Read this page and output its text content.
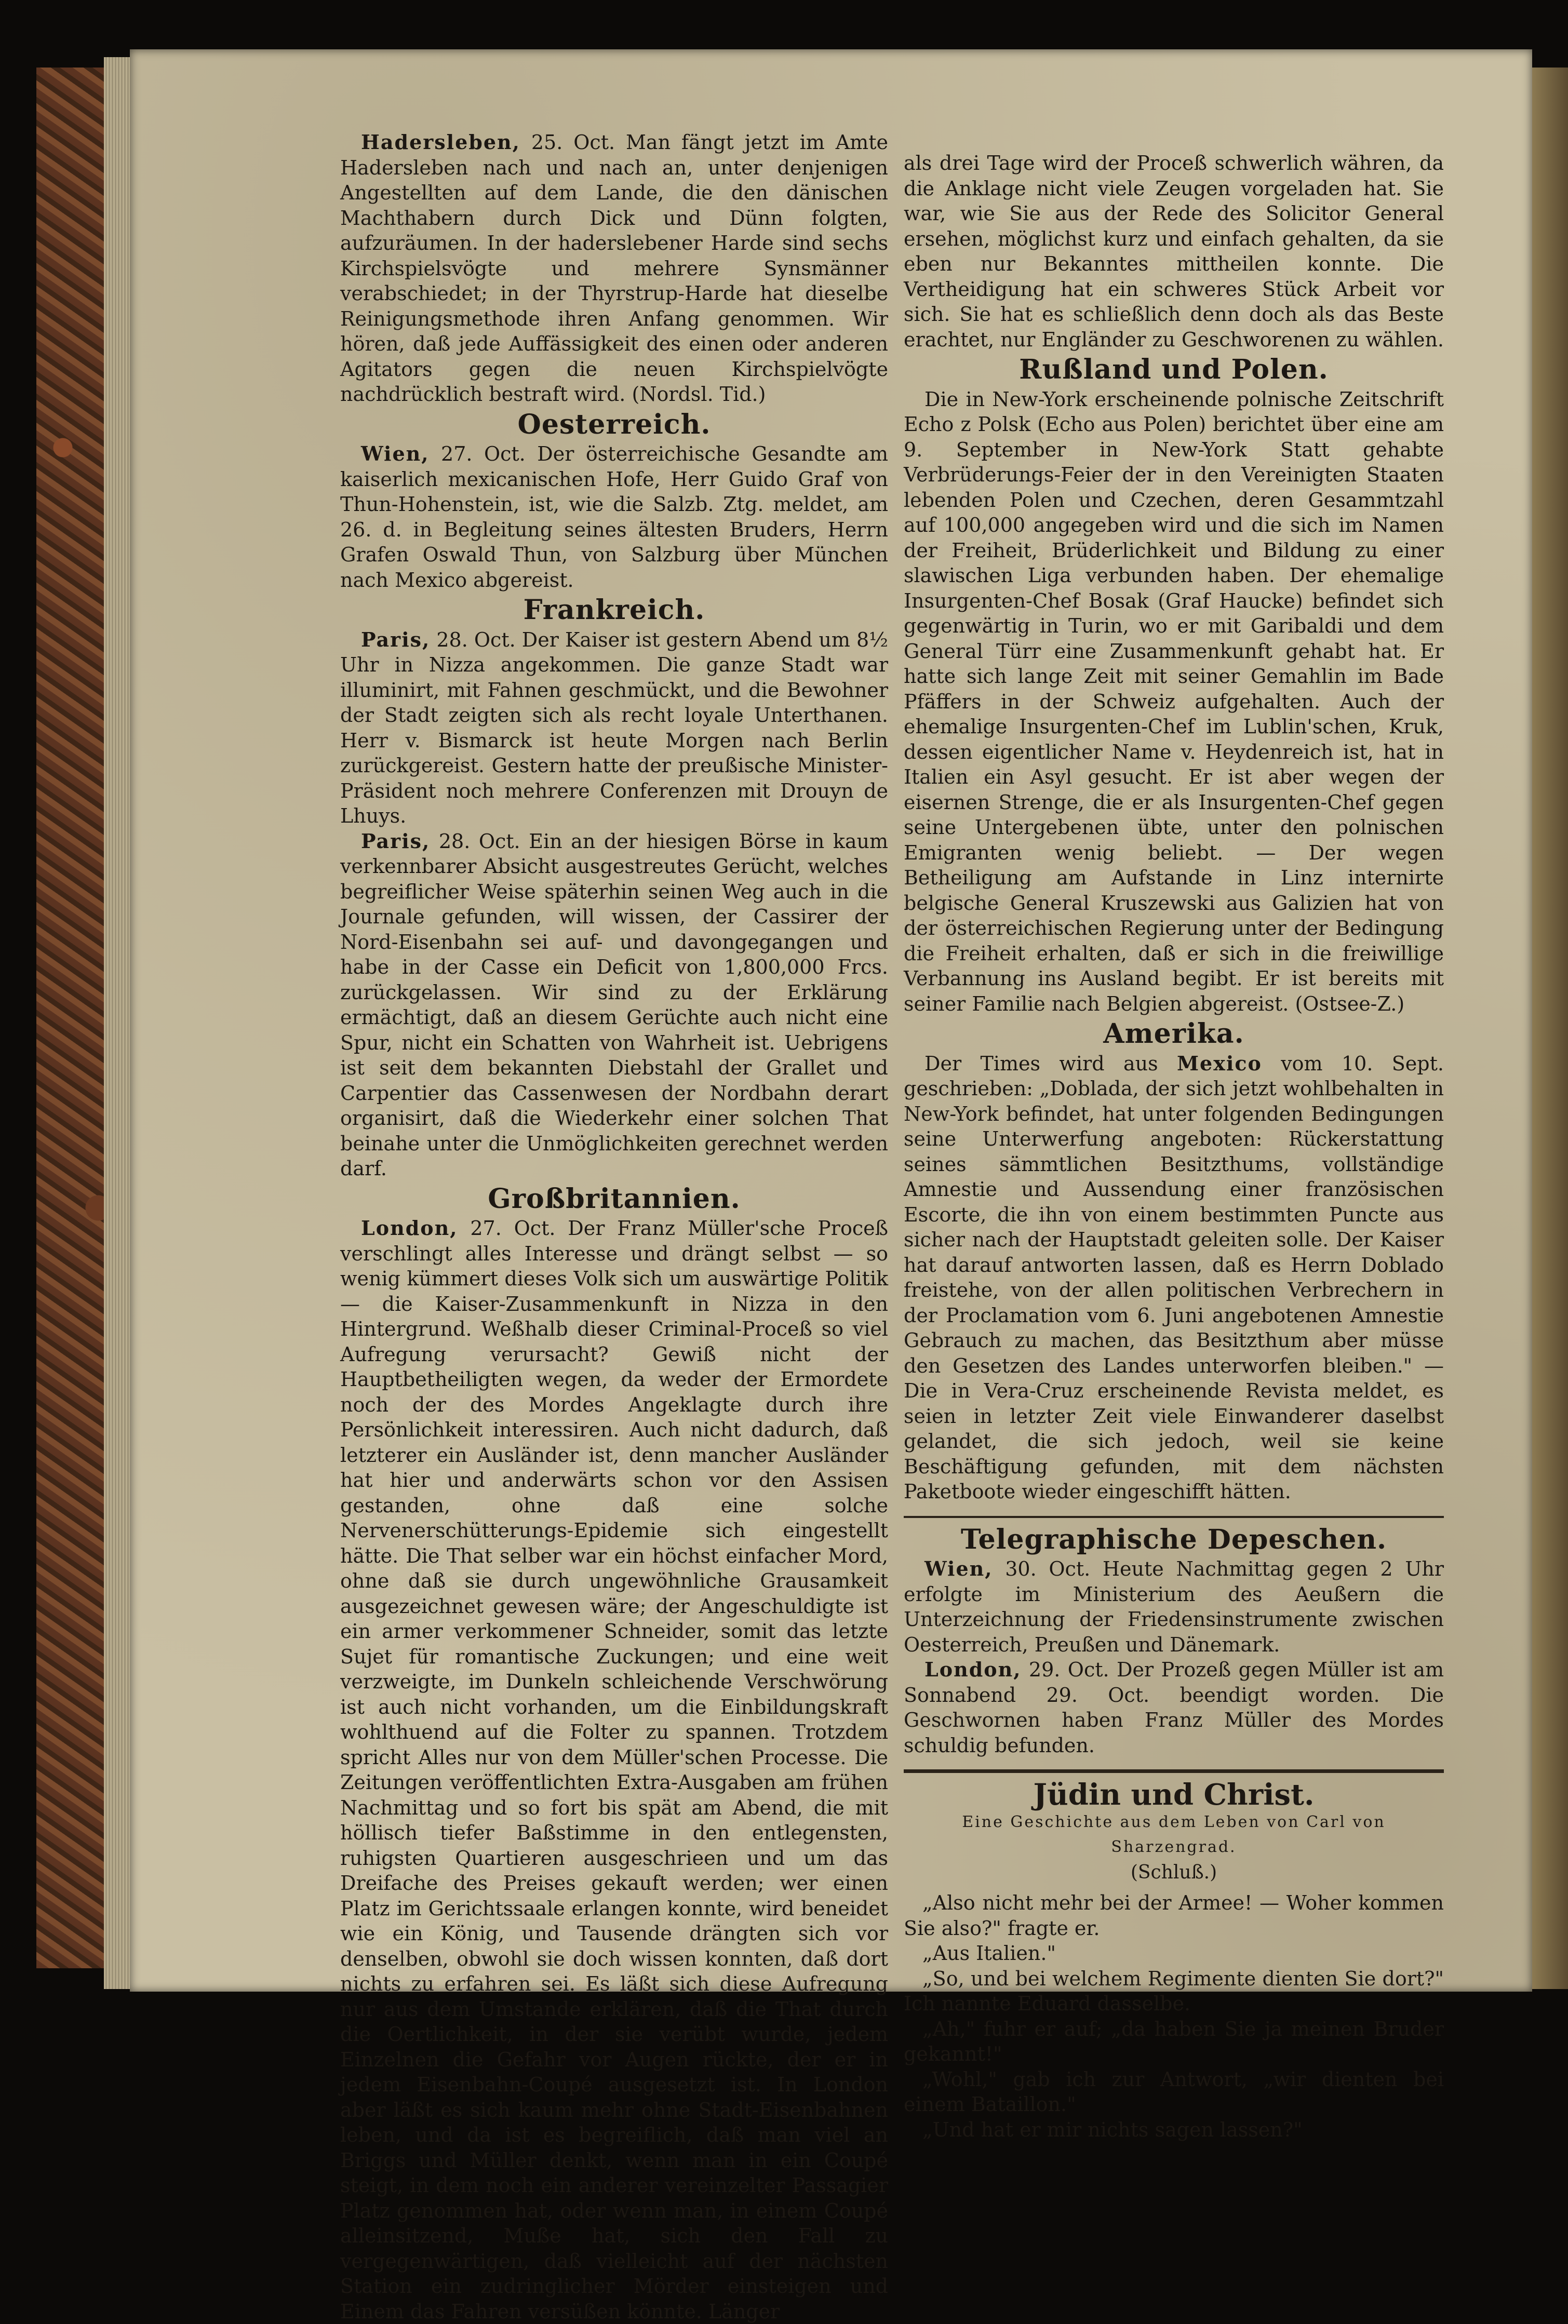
Hadersleben, 25. Oct. Man fängt jetzt im Amte Hadersleben nach und nach an, unter denjenigen Angestellten auf dem Lande, die den dänischen Machthabern durch Dick und Dünn folgten, aufzuräumen. In der haderslebener Harde sind sechs Kirchspielsvögte und mehrere Synsmänner verabschiedet; in der Thyrstrup-Harde hat dieselbe Reinigungsmethode ihren Anfang genommen. Wir hören, daß jede Auffässigkeit des einen oder anderen Agitators gegen die neuen Kirchspielvögte nachdrücklich bestraft wird. (Nordsl. Tid.)

Oesterreich.

Wien, 27. Oct. Der österreichische Gesandte am kaiserlich mexicanischen Hofe, Herr Guido Graf von Thun-Hohenstein, ist, wie die Salzb. Ztg. meldet, am 26. d. in Begleitung seines ältesten Bruders, Herrn Grafen Oswald Thun, von Salzburg über München nach Mexico abgereist.

Frankreich.

Paris, 28. Oct. Der Kaiser ist gestern Abend um 8½ Uhr in Nizza angekommen. Die ganze Stadt war illuminirt, mit Fahnen geschmückt, und die Bewohner der Stadt zeigten sich als recht loyale Unterthanen. Herr v. Bismarck ist heute Morgen nach Berlin zurückgereist. Gestern hatte der preußische Minister-Präsident noch mehrere Conferenzen mit Drouyn de Lhuys.

Paris, 28. Oct. Ein an der hiesigen Börse in kaum verkennbarer Absicht ausgestreutes Gerücht, welches begreiflicher Weise späterhin seinen Weg auch in die Journale gefunden, will wissen, der Cassirer der Nord-Eisenbahn sei auf- und davongegangen und habe in der Casse ein Deficit von 1,800,000 Frcs. zurückgelassen. Wir sind zu der Erklärung ermächtigt, daß an diesem Gerüchte auch nicht eine Spur, nicht ein Schatten von Wahrheit ist. Uebrigens ist seit dem bekannten Diebstahl der Grallet und Carpentier das Cassenwesen der Nordbahn derart organisirt, daß die Wiederkehr einer solchen That beinahe unter die Unmöglichkeiten gerechnet werden darf.

Großbritannien.

London, 27. Oct. Der Franz Müller'sche Proceß verschlingt alles Interesse und drängt selbst — so wenig kümmert dieses Volk sich um auswärtige Politik — die Kaiser-Zusammenkunft in Nizza in den Hintergrund. Weßhalb dieser Criminal-Proceß so viel Aufregung verursacht? Gewiß nicht der Hauptbetheiligten wegen, da weder der Ermordete noch der des Mordes Angeklagte durch ihre Persönlichkeit interessiren. Auch nicht dadurch, daß letzterer ein Ausländer ist, denn mancher Ausländer hat hier und anderwärts schon vor den Assisen gestanden, ohne daß eine solche Nervenerschütterungs-Epidemie sich eingestellt hätte. Die That selber war ein höchst einfacher Mord, ohne daß sie durch ungewöhnliche Grausamkeit ausgezeichnet gewesen wäre; der Angeschuldigte ist ein armer verkommener Schneider, somit das letzte Sujet für romantische Zuckungen; und eine weit verzweigte, im Dunkeln schleichende Verschwörung ist auch nicht vorhanden, um die Einbildungskraft wohlthuend auf die Folter zu spannen. Trotzdem spricht Alles nur von dem Müller'schen Processe. Die Zeitungen veröffentlichten Extra-Ausgaben am frühen Nachmittag und so fort bis spät am Abend, die mit höllisch tiefer Baßstimme in den entlegensten, ruhigsten Quartieren ausgeschrieen und um das Dreifache des Preises gekauft werden; wer einen Platz im Gerichtssaale erlangen konnte, wird beneidet wie ein König, und Tausende drängten sich vor denselben, obwohl sie doch wissen konnten, daß dort nichts zu erfahren sei. Es läßt sich diese Aufregung nur aus dem Umstande erklären, daß die That durch die Oertlichkeit, in der sie verübt wurde, jedem Einzelnen die Gefahr vor Augen rückte, der er in jedem Eisenbahn-Coupé ausgesetzt ist. In London aber läßt es sich kaum mehr ohne Stadt-Eisenbahnen leben, und da ist es begreiflich, daß man viel an Briggs und Müller denkt, wenn man in ein Coupé steigt, in dem noch ein anderer vereinzelter Passagier Platz genommen hat, oder wenn man, in einem Coupé alleinsitzend, Muße hat, sich den Fall zu vergegenwärtigen, daß vielleicht auf der nächsten Station ein zudringlicher Mörder einsteigen und Einem das Fahren versüßen könnte. Länger

als drei Tage wird der Proceß schwerlich währen, da die Anklage nicht viele Zeugen vorgeladen hat. Sie war, wie Sie aus der Rede des Solicitor General ersehen, möglichst kurz und einfach gehalten, da sie eben nur Bekanntes mittheilen konnte. Die Vertheidigung hat ein schweres Stück Arbeit vor sich. Sie hat es schließlich denn doch als das Beste erachtet, nur Engländer zu Geschworenen zu wählen.

Rußland und Polen.

Die in New-York erscheinende polnische Zeitschrift Echo z Polsk (Echo aus Polen) berichtet über eine am 9. September in New-York Statt gehabte Verbrüderungs-Feier der in den Vereinigten Staaten lebenden Polen und Czechen, deren Gesammtzahl auf 100,000 angegeben wird und die sich im Namen der Freiheit, Brüderlichkeit und Bildung zu einer slawischen Liga verbunden haben. Der ehemalige Insurgenten-Chef Bosak (Graf Haucke) befindet sich gegenwärtig in Turin, wo er mit Garibaldi und dem General Türr eine Zusammenkunft gehabt hat. Er hatte sich lange Zeit mit seiner Gemahlin im Bade Pfäffers in der Schweiz aufgehalten. Auch der ehemalige Insurgenten-Chef im Lublin'schen, Kruk, dessen eigentlicher Name v. Heydenreich ist, hat in Italien ein Asyl gesucht. Er ist aber wegen der eisernen Strenge, die er als Insurgenten-Chef gegen seine Untergebenen übte, unter den polnischen Emigranten wenig beliebt. — Der wegen Betheiligung am Aufstande in Linz internirte belgische General Kruszewski aus Galizien hat von der österreichischen Regierung unter der Bedingung die Freiheit erhalten, daß er sich in die freiwillige Verbannung ins Ausland begibt. Er ist bereits mit seiner Familie nach Belgien abgereist. (Ostsee-Z.)

Amerika.

Der Times wird aus Mexico vom 10. Sept. geschrieben: „Doblada, der sich jetzt wohlbehalten in New-York befindet, hat unter folgenden Bedingungen seine Unterwerfung angeboten: Rückerstattung seines sämmtlichen Besitzthums, vollständige Amnestie und Aussendung einer französischen Escorte, die ihn von einem bestimmten Puncte aus sicher nach der Hauptstadt geleiten solle. Der Kaiser hat darauf antworten lassen, daß es Herrn Doblado freistehe, von der allen politischen Verbrechern in der Proclamation vom 6. Juni angebotenen Amnestie Gebrauch zu machen, das Besitzthum aber müsse den Gesetzen des Landes unterworfen bleiben." — Die in Vera-Cruz erscheinende Revista meldet, es seien in letzter Zeit viele Einwanderer daselbst gelandet, die sich jedoch, weil sie keine Beschäftigung gefunden, mit dem nächsten Paketboote wieder eingeschifft hätten.

Telegraphische Depeschen.

Wien, 30. Oct. Heute Nachmittag gegen 2 Uhr erfolgte im Ministerium des Aeußern die Unterzeichnung der Friedensinstrumente zwischen Oesterreich, Preußen und Dänemark.

London, 29. Oct. Der Prozeß gegen Müller ist am Sonnabend 29. Oct. beendigt worden. Die Geschwornen haben Franz Müller des Mordes schuldig befunden.

Jüdin und Christ.
Eine Geschichte aus dem Leben von Carl von Sharzengrad.
(Schluß.)

„Also nicht mehr bei der Armee! — Woher kommen Sie also?" fragte er.

„Aus Italien."

„So, und bei welchem Regimente dienten Sie dort?" Ich nannte Eduard dasselbe.

„Ah," fuhr er auf; „da haben Sie ja meinen Bruder gekannt!"

„Wohl," gab ich zur Antwort, „wir dienten bei einem Bataillon."

„Und hat er mir nichts sagen lassen?"
